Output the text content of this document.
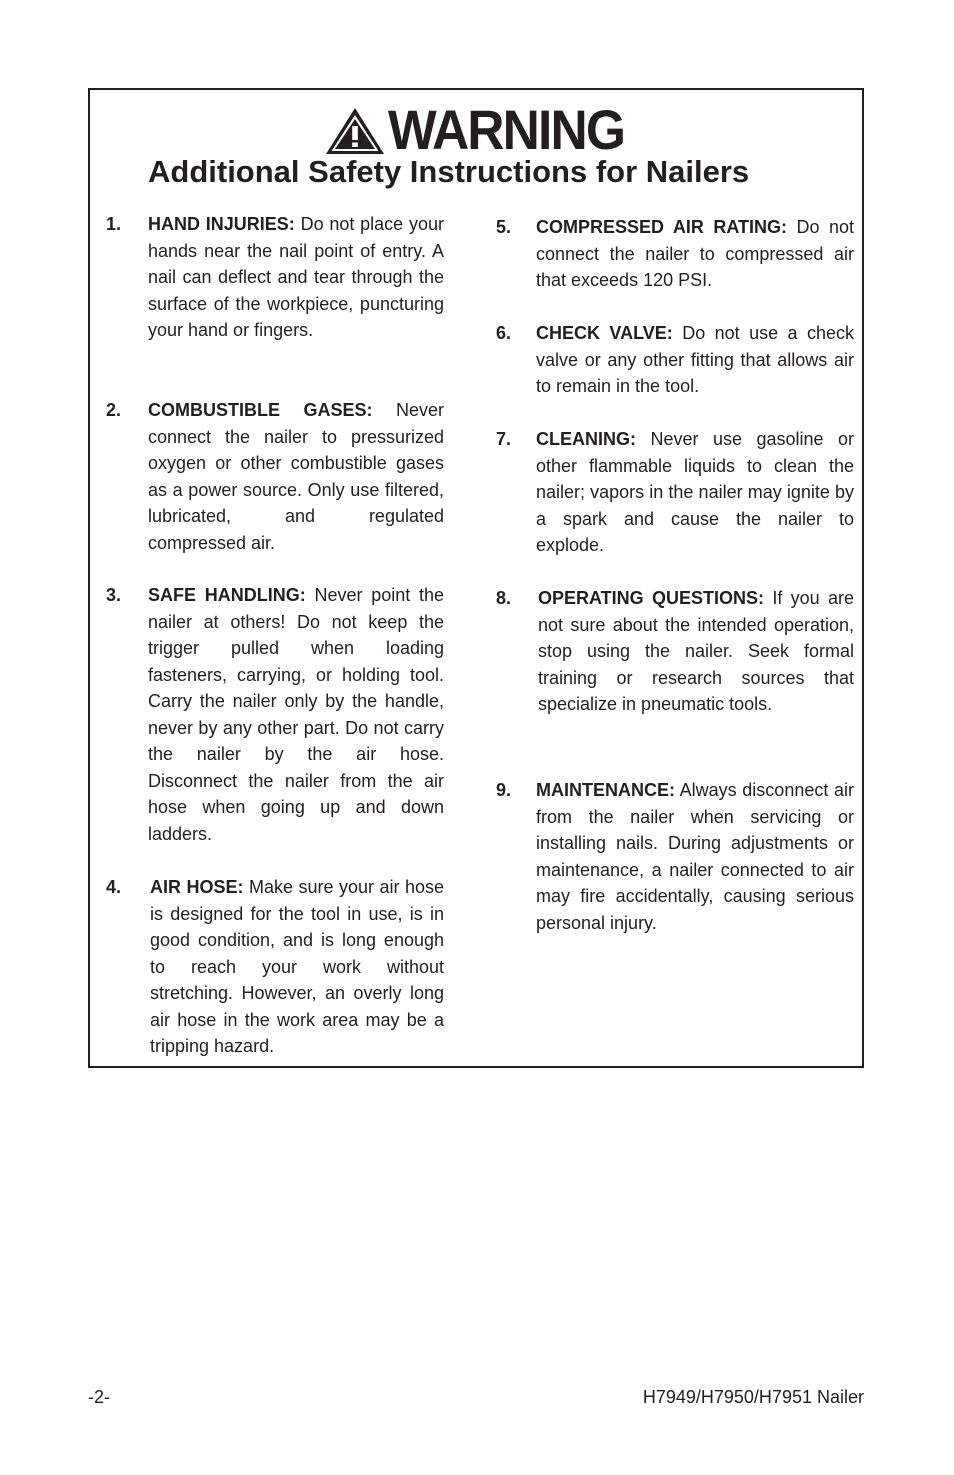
WARNING
Additional Safety Instructions for Nailers
1.	HAND INJURIES: Do not place your hands near the nail point of entry. A nail can deflect and tear through the surface of the workpiece, puncturing your hand or fingers.
2.	COMBUSTIBLE GASES: Never connect the nailer to pressurized oxygen or other combustible gases as a power source. Only use filtered, lubricated, and regulated compressed air.
3.	SAFE HANDLING: Never point the nailer at others! Do not keep the trigger pulled when loading fasteners, carrying, or holding tool. Carry the nailer only by the handle, never by any other part. Do not carry the nailer by the air hose. Disconnect the nailer from the air hose when going up and down ladders.
4.	AIR HOSE: Make sure your air hose is designed for the tool in use, is in good condition, and is long enough to reach your work without stretching. However, an overly long air hose in the work area may be a tripping hazard.
5.	COMPRESSED AIR RATING: Do not connect the nailer to compressed air that exceeds 120 PSI.
6.	CHECK VALVE: Do not use a check valve or any other fitting that allows air to remain in the tool.
7.	CLEANING: Never use gasoline or other flammable liquids to clean the nailer; vapors in the nailer may ignite by a spark and cause the nailer to explode.
8.	OPERATING QUESTIONS: If you are not sure about the intended operation, stop using the nailer. Seek formal training or research sources that specialize in pneumatic tools.
9.	MAINTENANCE: Always disconnect air from the nailer when servicing or installing nails. During adjustments or maintenance, a nailer connected to air may fire accidentally, causing serious personal injury.
-2-	H7949/H7950/H7951 Nailer
